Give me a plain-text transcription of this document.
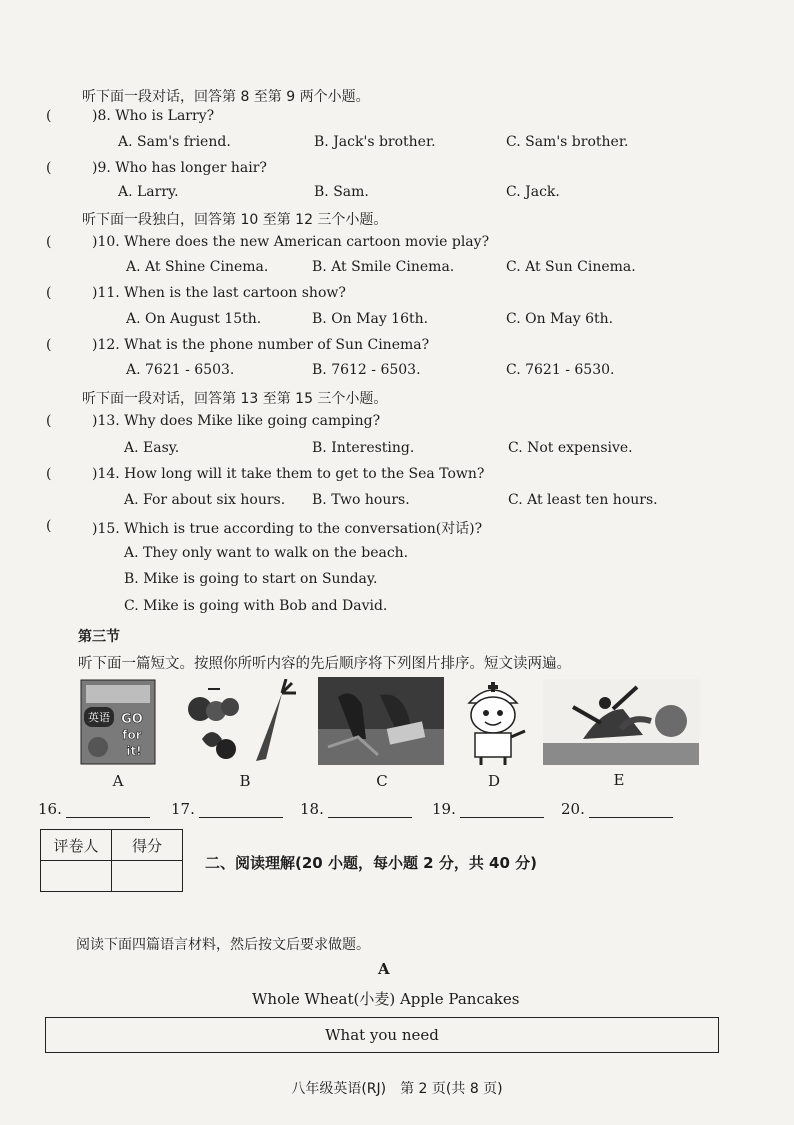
听下面一段对话，回答第 8 至第 9 两个小题。
(	)8. Who is Larry?
A. Sam's friend.	B. Jack's brother.	C. Sam's brother.
(	)9. Who has longer hair?
A. Larry.	B. Sam.	C. Jack.
听下面一段独白，回答第 10 至第 12 三个小题。
(	)10. Where does the new American cartoon movie play?
A. At Shine Cinema.	B. At Smile Cinema.	C. At Sun Cinema.
(	)11. When is the last cartoon show?
A. On August 15th.	B. On May 16th.	C. On May 6th.
(	)12. What is the phone number of Sun Cinema?
A. 7621 - 6503.	B. 7612 - 6503.	C. 7621 - 6530.
听下面一段对话，回答第 13 至第 15 三个小题。
(	)13. Why does Mike like going camping?
A. Easy.	B. Interesting.	C. Not expensive.
(	)14. How long will it take them to get to the Sea Town?
A. For about six hours. B. Two hours.	C. At least ten hours.
(	)15. Which is true according to the conversation(对话)?
A. They only want to walk on the beach.
B. Mike is going to start on Sunday.
C. Mike is going with Bob and David.
第三节
听下面一篇短文。按照你所听内容的先后顺序将下列图片排序。短文读两遍。
英语 GO
for
it!
A	B	C	D	E
16.	17.	18.	19.	20.
评卷人	得分

二、阅读理解(20 小题，每小题 2 分，共 40 分)
阅读下面四篇语言材料，然后按文后要求做题。
A
Whole Wheat(小麦) Apple Pancakes
What you need
八年级英语(RJ)　第 2 页(共 8 页)
